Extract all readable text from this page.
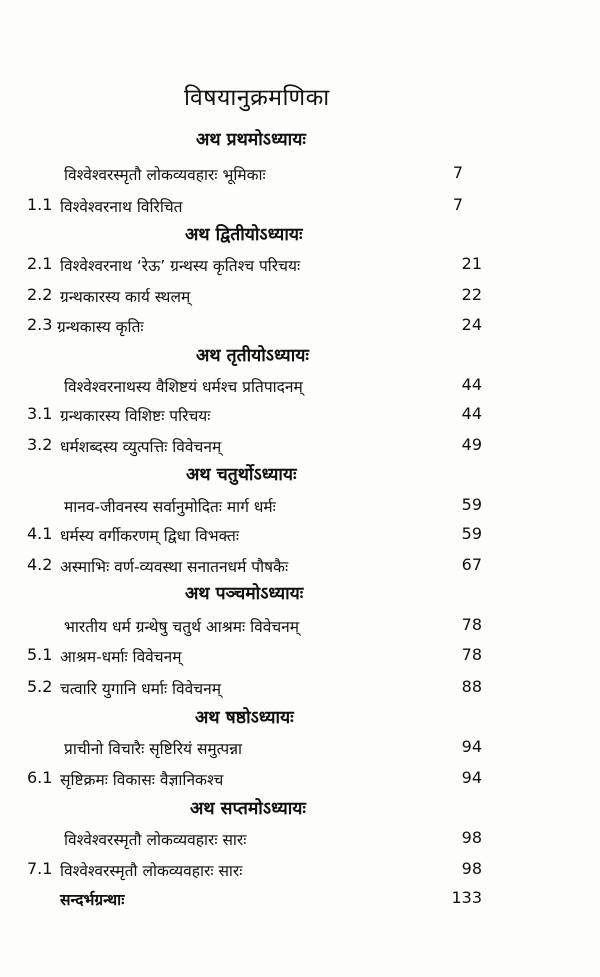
विषयानुक्रमणिका
अथ प्रथमोऽध्यायः
विश्वेश्वरस्मृतौ लोकव्यवहारः भूमिकाः	7
1.1 विश्वेश्वरनाथ विरिचित	7
अथ द्वितीयोऽध्यायः
2.1 विश्वेश्वरनाथ ‘रेऊ’ ग्रन्थस्य कृतिश्च परिचयः	21
2.2 ग्रन्थकारस्य कार्य स्थलम्	22
2.3 ग्रन्थकास्य कृतिः	24
अथ तृतीयोऽध्यायः
विश्वेश्वरनाथस्य वैशिष्टयं धर्मश्च प्रतिपादनम्	44
3.1 ग्रन्थकारस्य विशिष्टः परिचयः	44
3.2 धर्मशब्दस्य व्युत्पत्तिः विवेचनम्	49
अथ चतुर्थोऽध्यायः
मानव-जीवनस्य सर्वानुमोदितः मार्ग धर्मः	59
4.1 धर्मस्य वर्गीकरणम् द्विधा विभक्तः	59
4.2 अस्माभिः वर्ण-व्यवस्था सनातनधर्म पौषकैः	67
अथ पञ्चमोऽध्यायः
भारतीय धर्म ग्रन्थेषु चतुर्थ आश्रमः विवेचनम्	78
5.1 आश्रम-धर्माः विवेचनम्	78
5.2 चत्वारि युगानि धर्माः विवेचनम्	88
अथ षष्ठोऽध्यायः
प्राचीनो विचारैः सृष्टिरियं समुत्पन्ना	94
6.1 सृष्टिक्रमः विकासः वैज्ञानिकश्च	94
अथ सप्तमोऽध्यायः
विश्वेश्वरस्मृतौ लोकव्यवहारः सारः	98
7.1 विश्वेश्वरस्मृतौ लोकव्यवहारः सारः	98
सन्दर्भग्रन्थाः	133
